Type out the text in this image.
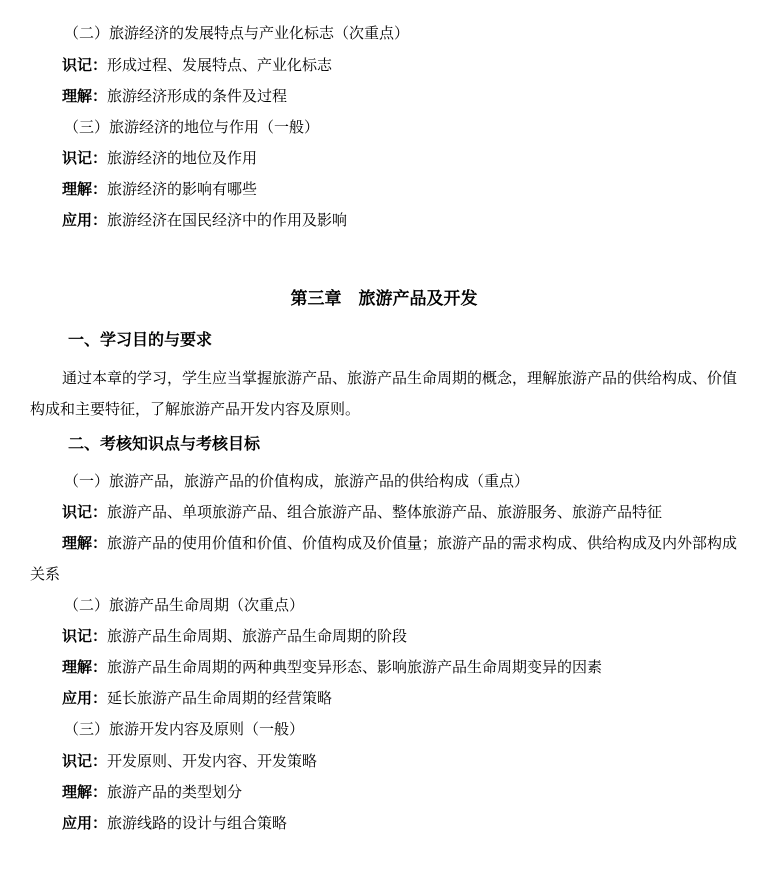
（二）旅游经济的发展特点与产业化标志（次重点）
识记：形成过程、发展特点、产业化标志
理解：旅游经济形成的条件及过程
（三）旅游经济的地位与作用（一般）
识记：旅游经济的地位及作用
理解：旅游经济的影响有哪些
应用：旅游经济在国民经济中的作用及影响
第三章　旅游产品及开发
一、学习目的与要求
通过本章的学习，学生应当掌握旅游产品、旅游产品生命周期的概念，理解旅游产品的供给构成、价值构成和主要特征，了解旅游产品开发内容及原则。
二、考核知识点与考核目标
（一）旅游产品，旅游产品的价值构成，旅游产品的供给构成（重点）
识记：旅游产品、单项旅游产品、组合旅游产品、整体旅游产品、旅游服务、旅游产品特征
理解：旅游产品的使用价值和价值、价值构成及价值量；旅游产品的需求构成、供给构成及内外部构成关系
（二）旅游产品生命周期（次重点）
识记：旅游产品生命周期、旅游产品生命周期的阶段
理解：旅游产品生命周期的两种典型变异形态、影响旅游产品生命周期变异的因素
应用：延长旅游产品生命周期的经营策略
（三）旅游开发内容及原则（一般）
识记：开发原则、开发内容、开发策略
理解：旅游产品的类型划分
应用：旅游线路的设计与组合策略
